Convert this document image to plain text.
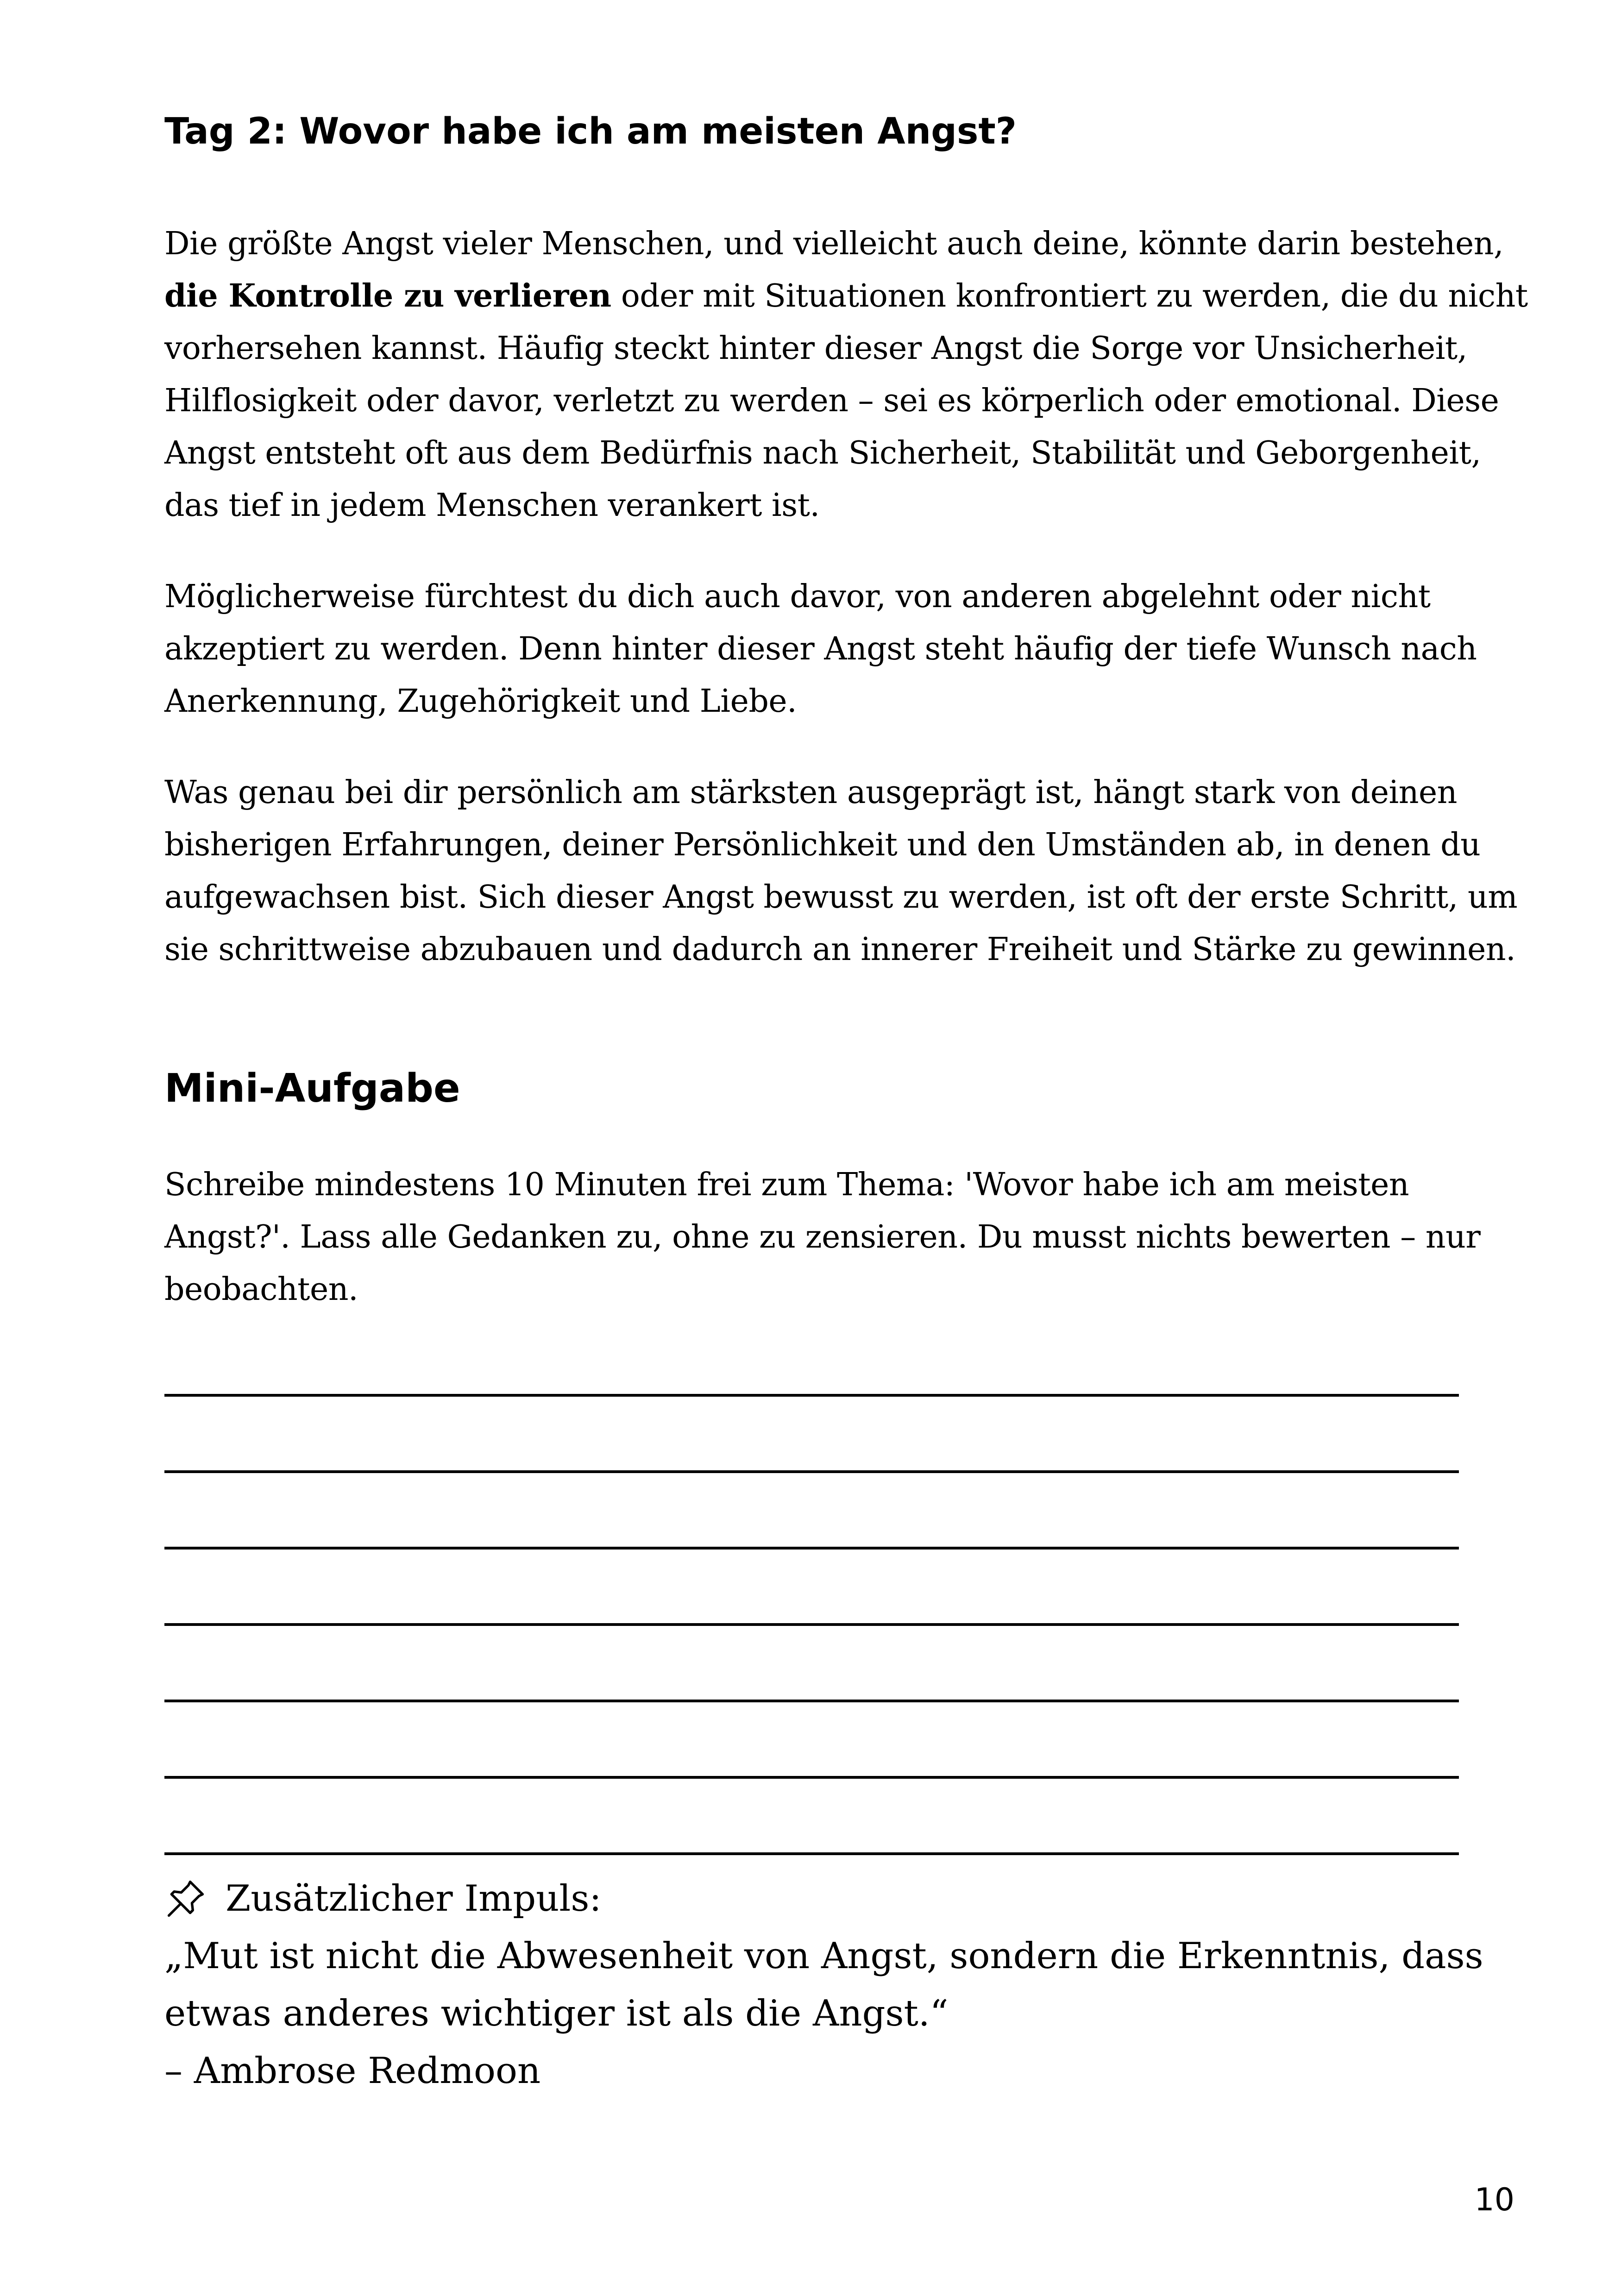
Tag 2: Wovor habe ich am meisten Angst?

Die größte Angst vieler Menschen, und vielleicht auch deine, könnte darin bestehen, die Kontrolle zu verlieren oder mit Situationen konfrontiert zu werden, die du nicht vorhersehen kannst. Häufig steckt hinter dieser Angst die Sorge vor Unsicherheit, Hilflosigkeit oder davor, verletzt zu werden – sei es körperlich oder emotional. Diese Angst entsteht oft aus dem Bedürfnis nach Sicherheit, Stabilität und Geborgenheit, das tief in jedem Menschen verankert ist.

Möglicherweise fürchtest du dich auch davor, von anderen abgelehnt oder nicht akzeptiert zu werden. Denn hinter dieser Angst steht häufig der tiefe Wunsch nach Anerkennung, Zugehörigkeit und Liebe.

Was genau bei dir persönlich am stärksten ausgeprägt ist, hängt stark von deinen bisherigen Erfahrungen, deiner Persönlichkeit und den Umständen ab, in denen du aufgewachsen bist. Sich dieser Angst bewusst zu werden, ist oft der erste Schritt, um sie schrittweise abzubauen und dadurch an innerer Freiheit und Stärke zu gewinnen.

Mini-Aufgabe

Schreibe mindestens 10 Minuten frei zum Thema: 'Wovor habe ich am meisten Angst?'. Lass alle Gedanken zu, ohne zu zensieren. Du musst nichts bewerten – nur beobachten.

Zusätzlicher Impuls:
„Mut ist nicht die Abwesenheit von Angst, sondern die Erkenntnis, dass
etwas anderes wichtiger ist als die Angst.“
– Ambrose Redmoon
10
